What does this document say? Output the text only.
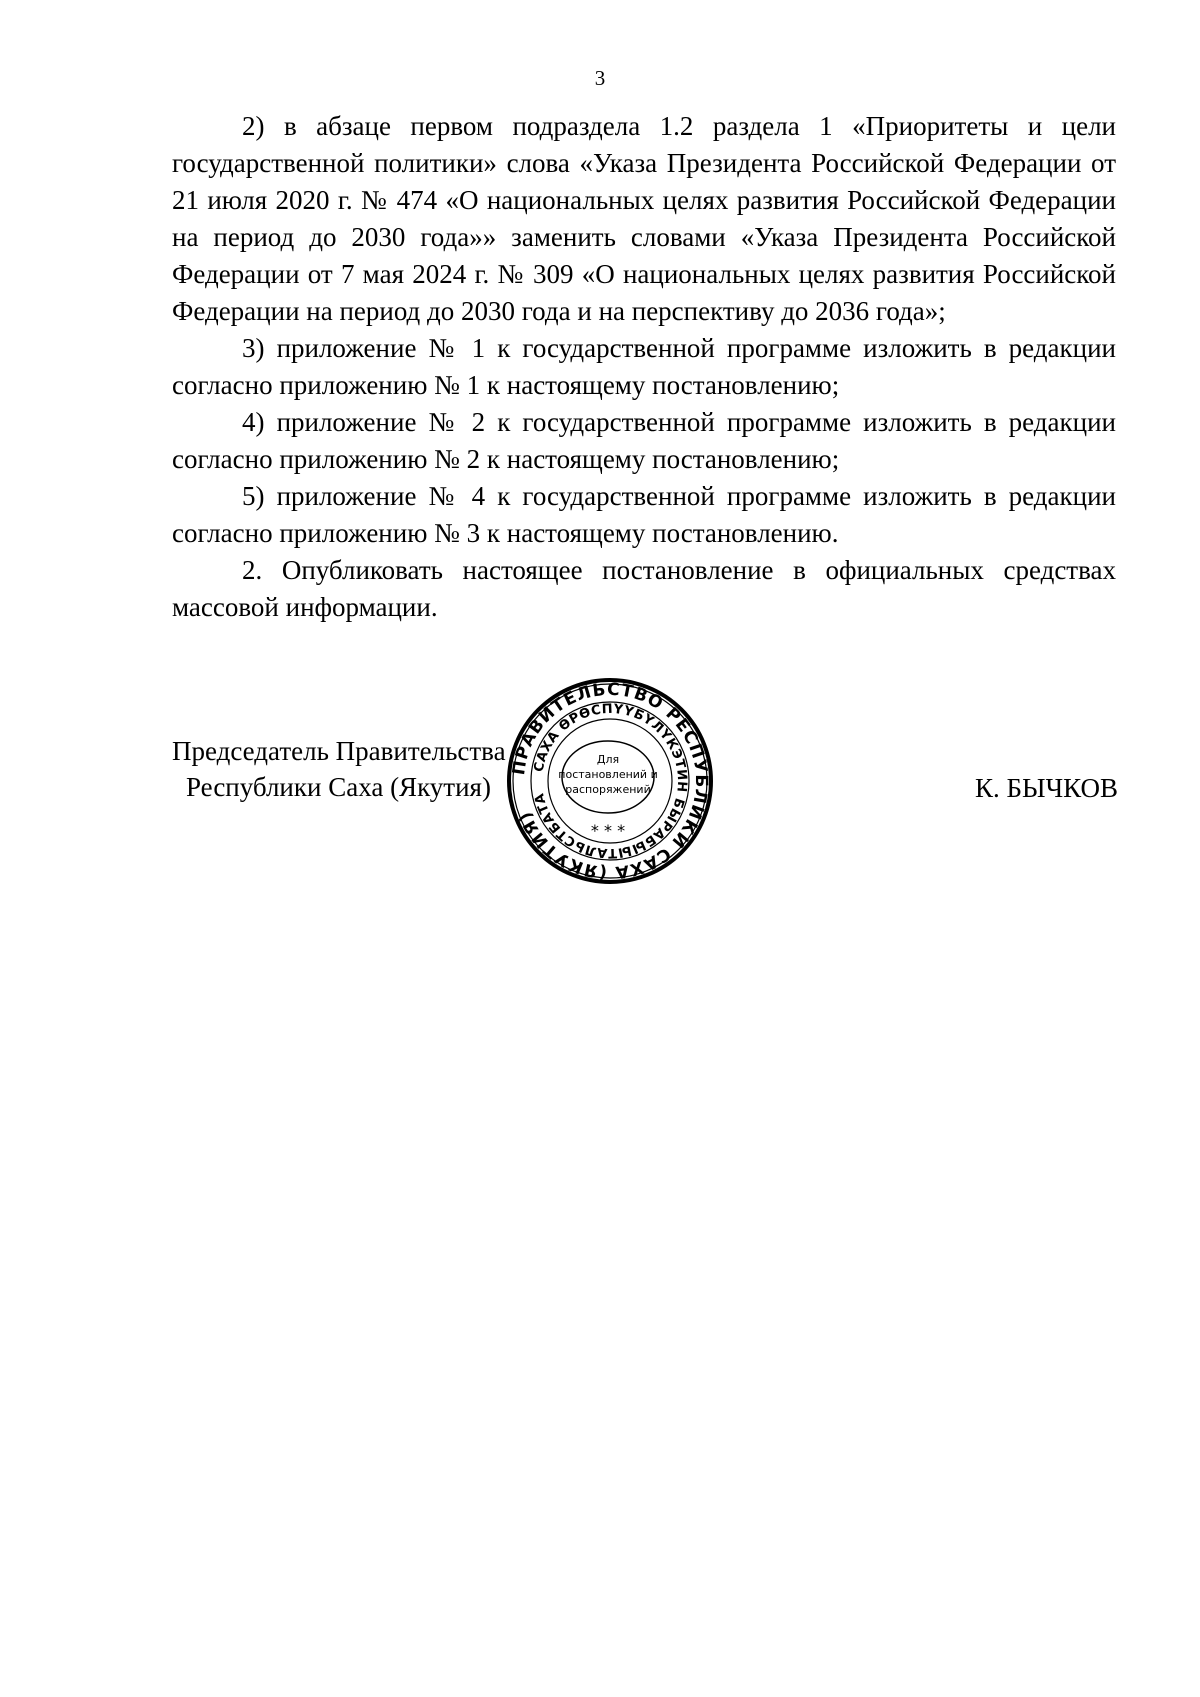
3

2) в абзаце первом подраздела 1.2 раздела 1 «Приоритеты и цели государственной политики» слова «Указа Президента Российской Федерации от 21 июля 2020 г. № 474 «О национальных целях развития Российской Федерации на период до 2030 года»» заменить словами «Указа Президента Российской Федерации от 7 мая 2024 г. № 309 «О национальных целях развития Российской Федерации на период до 2030 года и на перспективу до 2036 года»;

3) приложение № 1 к государственной программе изложить в редакции согласно приложению № 1 к настоящему постановлению;

4) приложение № 2 к государственной программе изложить в редакции согласно приложению № 2 к настоящему постановлению;

5) приложение № 4 к государственной программе изложить в редакции согласно приложению № 3 к настоящему постановлению.

2. Опубликовать настоящее постановление в официальных средствах массовой информации.

Председатель Правительства
Республики Саха (Якутия)	К. БЫЧКОВ
ПРАВИТЕЛЬСТВО РЕСПУБЛИКИ САХА (ЯКУТИЯ)
САХА ӨРӨСПҮҮБҮЛҮКЭТИН БЫРАБЫЫТАЛЬСТБАТА
Для
постановлений и
распоряжений
* * *
